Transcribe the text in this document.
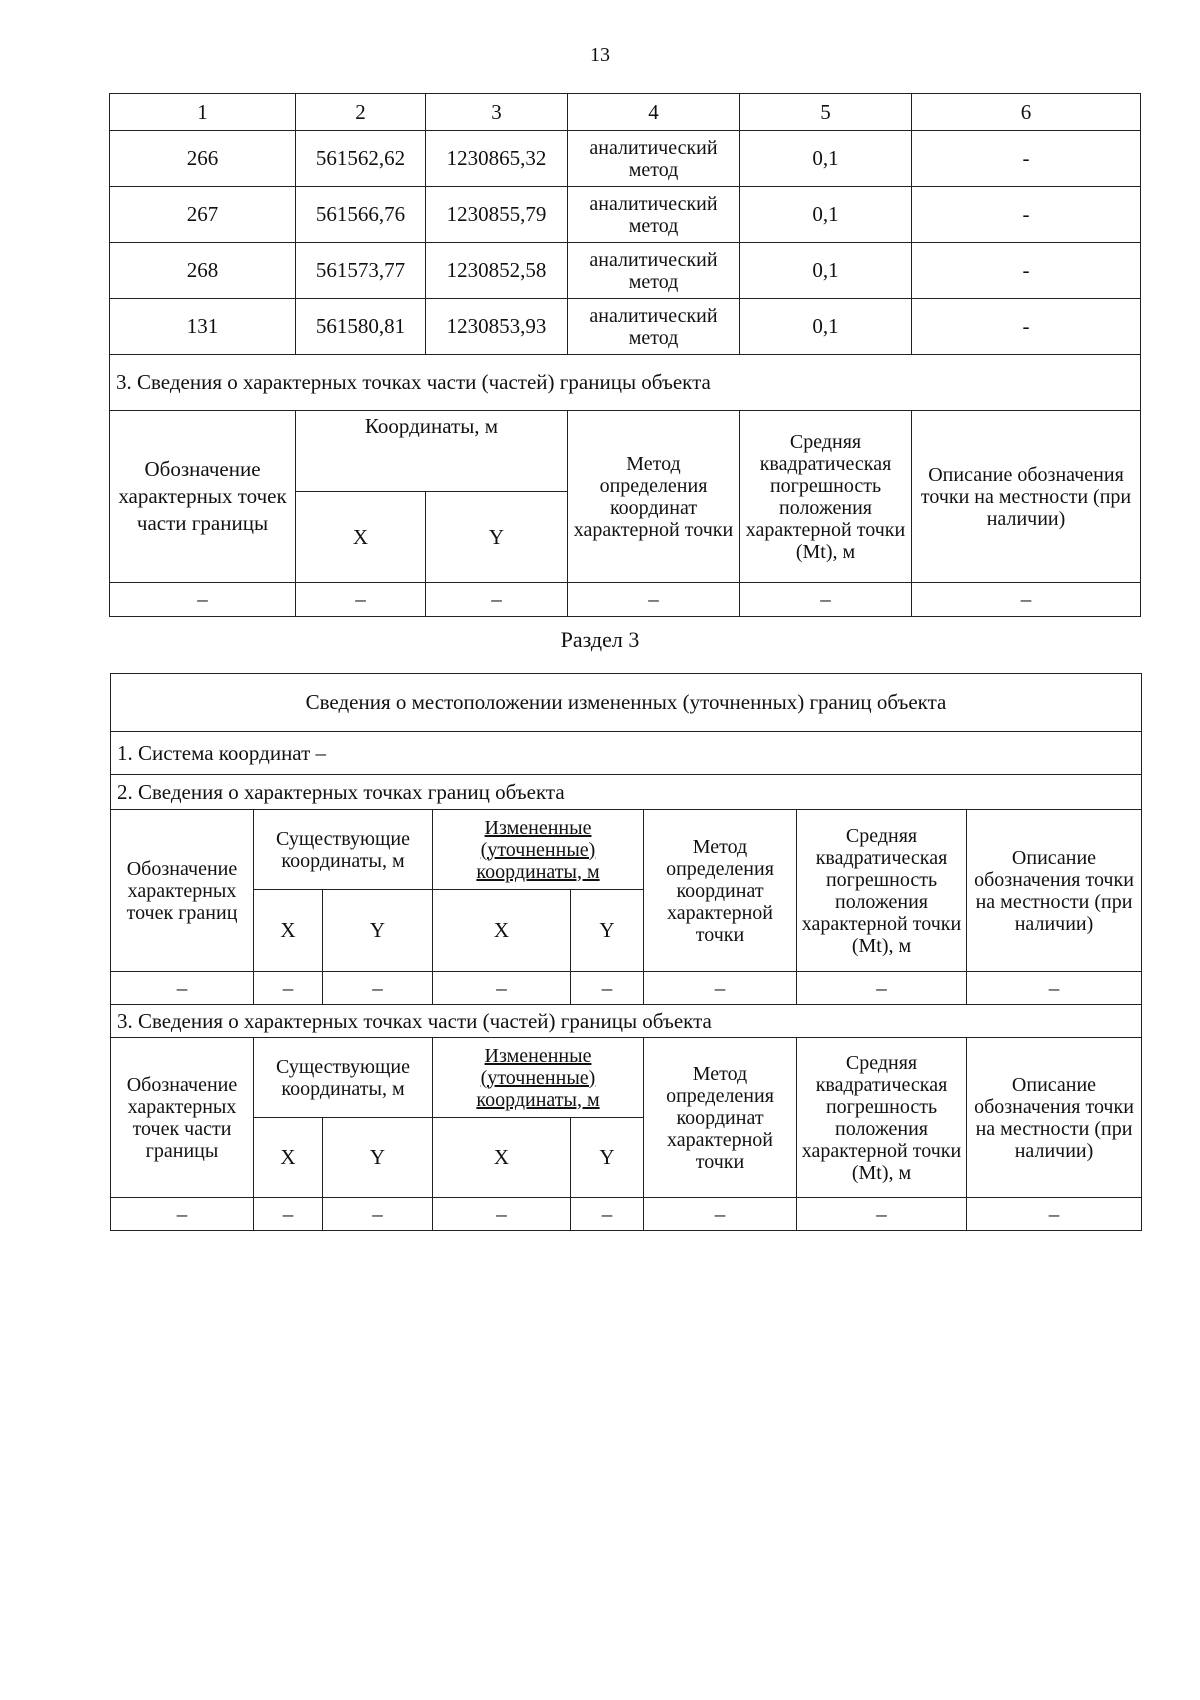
13
1	2	3	4	5	6
266	561562,62	1230865,32	аналитический метод	0,1	-
267	561566,76	1230855,79	аналитический метод	0,1	-
268	561573,77	1230852,58	аналитический метод	0,1	-
131	561580,81	1230853,93	аналитический метод	0,1	-
3. Сведения о характерных точках части (частей) границы объекта					
Обозначение характерных точек части границы	Координаты, м		Метод определения координат характерной точки	Средняя квадратическая погрешность положения характерной точки (Mt), м	Описание обозначения точки на местности (при наличии)
	X	Y			
–	–	–	–	–	–
Раздел 3
Сведения о местоположении измененных (уточненных) границ объекта							
1. Система координат –							
2. Сведения о характерных точках границ объекта							
Обозначение характерных точек границ	Существующие координаты, м		Измененные (уточненные) координаты, м		Метод определения координат характерной точки	Средняя квадратическая погрешность положения характерной точки (Mt), м	Описание обозначения точки на местности (при наличии)
	X	Y	X	Y			
–	–	–	–	–	–	–	–
3. Сведения о характерных точках части (частей) границы объекта							
Обозначение характерных точек части границы	Существующие координаты, м		Измененные (уточненные) координаты, м		Метод определения координат характерной точки	Средняя квадратическая погрешность положения характерной точки (Mt), м	Описание обозначения точки на местности (при наличии)
	X	Y	X	Y			
–	–	–	–	–	–	–	–
